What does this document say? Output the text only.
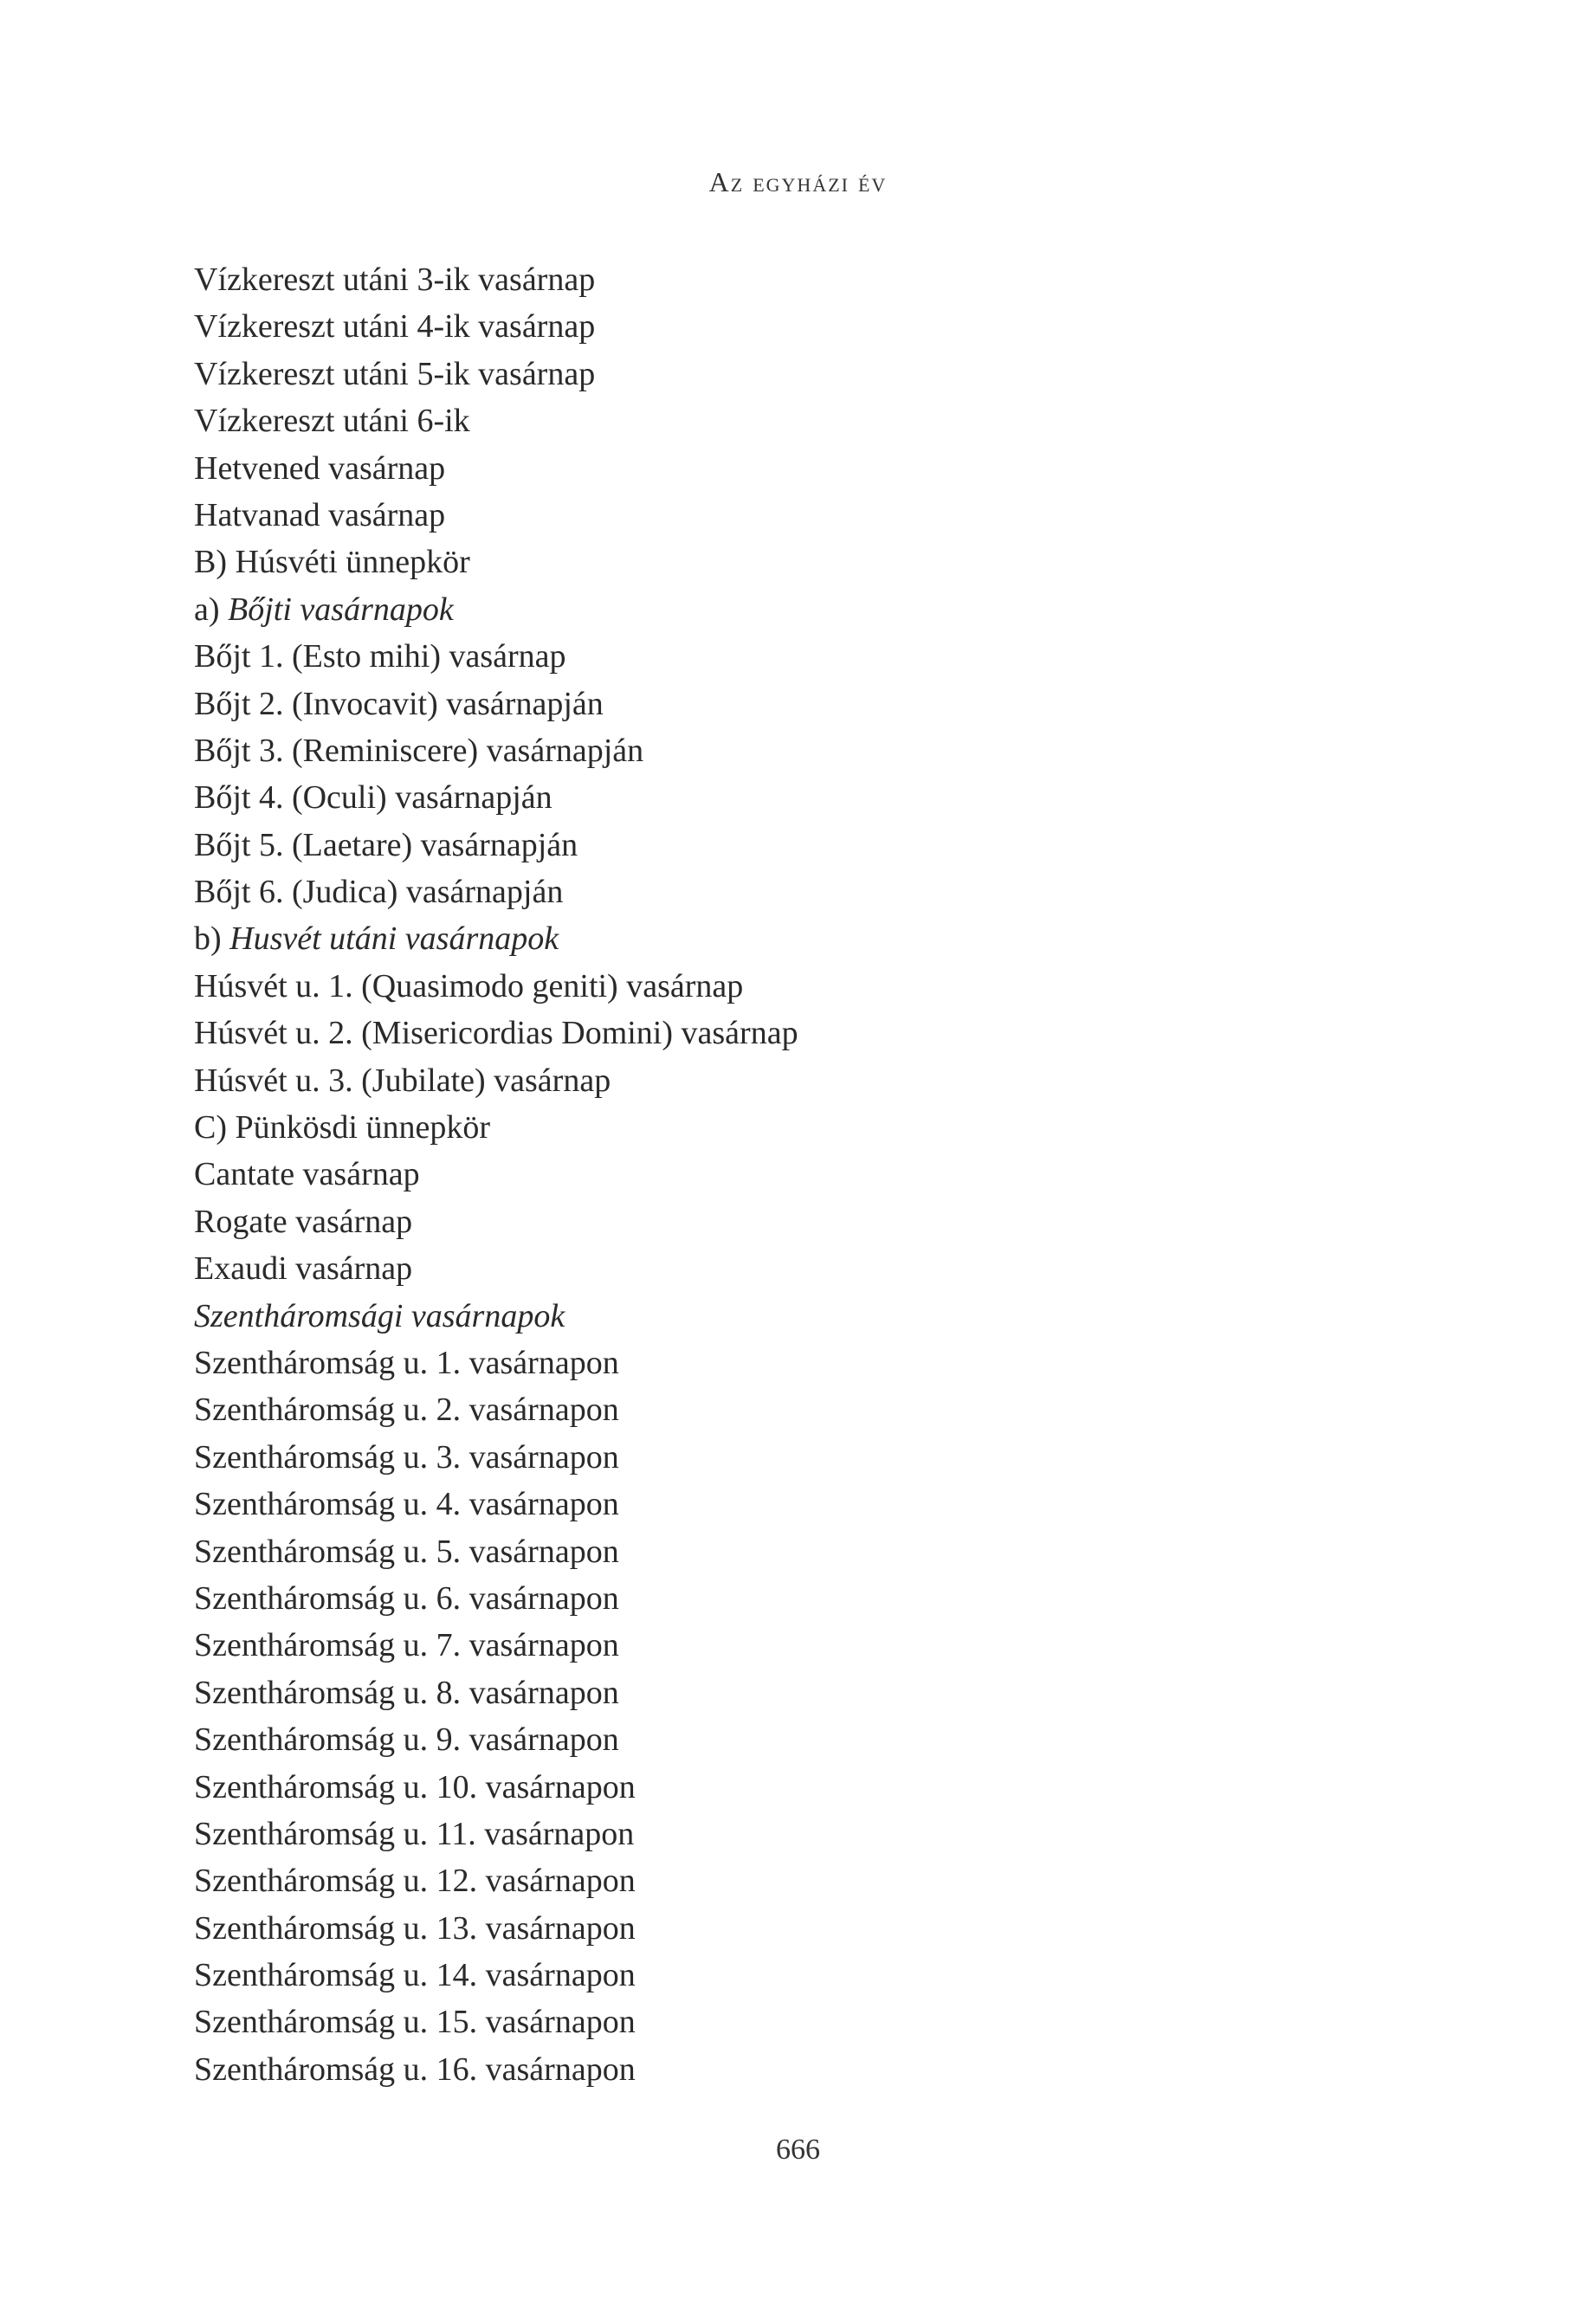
Az egyházi év
Vízkereszt utáni 3-ik vasárnap
Vízkereszt utáni 4-ik vasárnap
Vízkereszt utáni 5-ik vasárnap
Vízkereszt utáni 6-ik
Hetvened vasárnap
Hatvanad vasárnap
B) Húsvéti ünnepkör
a) Bőjti vasárnapok
Bőjt 1. (Esto mihi) vasárnap
Bőjt 2. (Invocavit) vasárnapján
Bőjt 3. (Reminiscere) vasárnapján
Bőjt 4. (Oculi) vasárnapján
Bőjt 5. (Laetare) vasárnapján
Bőjt 6. (Judica) vasárnapján
b) Husvét utáni vasárnapok
Húsvét u. 1. (Quasimodo geniti) vasárnap
Húsvét u. 2. (Misericordias Domini) vasárnap
Húsvét u. 3. (Jubilate) vasárnap
C) Pünkösdi ünnepkör
Cantate vasárnap
Rogate vasárnap
Exaudi vasárnap
Szentháromsági vasárnapok
Szentháromság u. 1. vasárnapon
Szentháromság u. 2. vasárnapon
Szentháromság u. 3. vasárnapon
Szentháromság u. 4. vasárnapon
Szentháromság u. 5. vasárnapon
Szentháromság u. 6. vasárnapon
Szentháromság u. 7. vasárnapon
Szentháromság u. 8. vasárnapon
Szentháromság u. 9. vasárnapon
Szentháromság u. 10. vasárnapon
Szentháromság u. 11. vasárnapon
Szentháromság u. 12. vasárnapon
Szentháromság u. 13. vasárnapon
Szentháromság u. 14. vasárnapon
Szentháromság u. 15. vasárnapon
Szentháromság u. 16. vasárnapon
666
